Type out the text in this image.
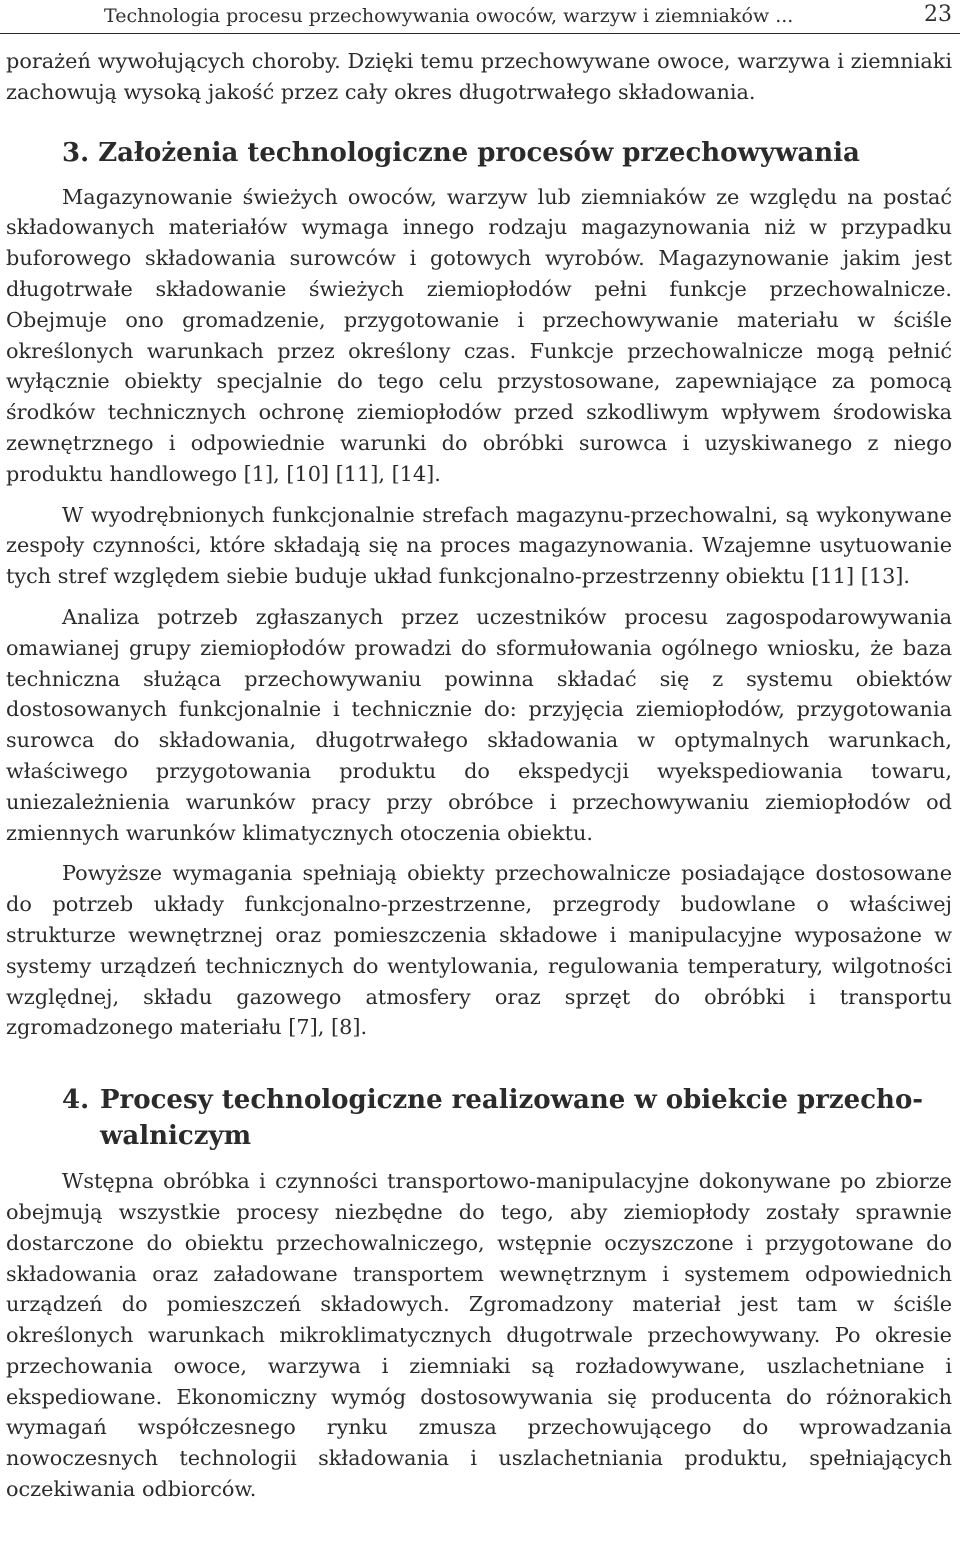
Technologia procesu przechowywania owoców, warzyw i ziemniaków ...	23

porażeń wywołujących choroby. Dzięki temu przechowywane owoce, warzywa i ziemniaki zachowują wysoką jakość przez cały okres długotrwałego składowania.

3. Założenia technologiczne procesów przechowywania

Magazynowanie świeżych owoców, warzyw lub ziemniaków ze względu na postać składowanych materiałów wymaga innego rodzaju magazynowania niż w przypadku buforowego składowania surowców i gotowych wyrobów. Magazynowanie jakim jest długotrwałe składowanie świeżych ziemiopłodów pełni funkcje przechowalnicze. Obejmuje ono gromadzenie, przygotowanie i przechowywanie materiału w ściśle określonych warunkach przez określony czas. Funkcje przechowalnicze mogą pełnić wyłącznie obiekty specjalnie do tego celu przystosowane, zapewniające za pomocą środków technicznych ochronę ziemiopłodów przed szkodliwym wpływem środowiska zewnętrznego i odpowiednie warunki do obróbki surowca i uzyskiwanego z niego produktu handlowego [1], [10] [11], [14].

W wyodrębnionych funkcjonalnie strefach magazynu-przechowalni, są wykonywane zespoły czynności, które składają się na proces magazynowania. Wzajemne usytuowanie tych stref względem siebie buduje układ funkcjonalno-przestrzenny obiektu [11] [13].

Analiza potrzeb zgłaszanych przez uczestników procesu zagospodarowywania omawianej grupy ziemiopłodów prowadzi do sformułowania ogólnego wniosku, że baza techniczna służąca przechowywaniu powinna składać się z systemu obiektów dostosowanych funkcjonalnie i technicznie do: przyjęcia ziemiopłodów, przygotowania surowca do składowania, długotrwałego składowania w optymalnych warunkach, właściwego przygotowania produktu do ekspedycji wyekspediowania towaru, uniezależnienia warunków pracy przy obróbce i przechowywaniu ziemiopłodów od zmiennych warunków klimatycznych otoczenia obiektu.

Powyższe wymagania spełniają obiekty przechowalnicze posiadające dostosowane do potrzeb układy funkcjonalno-przestrzenne, przegrody budowlane o właściwej strukturze wewnętrznej oraz pomieszczenia składowe i manipulacyjne wyposażone w systemy urządzeń technicznych do wentylowania, regulowania temperatury, wilgotności względnej, składu gazowego atmosfery oraz sprzęt do obróbki i transportu zgromadzonego materiału [7], [8].

4. Procesy technologiczne realizowane w obiekcie przechowalniczym

Wstępna obróbka i czynności transportowo-manipulacyjne dokonywane po zbiorze obejmują wszystkie procesy niezbędne do tego, aby ziemiopłody zostały sprawnie dostarczone do obiektu przechowalniczego, wstępnie oczyszczone i przygotowane do składowania oraz załadowane transportem wewnętrznym i systemem odpowiednich urządzeń do pomieszczeń składowych. Zgromadzony materiał jest tam w ściśle określonych warunkach mikroklimatycznych długotrwale przechowywany. Po okresie przechowania owoce, warzywa i ziemniaki są rozładowywane, uszlachetniane i ekspediowane. Ekonomiczny wymóg dostosowywania się producenta do różnorakich wymagań współczesnego rynku zmusza przechowującego do wprowadzania nowoczesnych technologii składowania i uszlachetniania produktu, spełniających oczekiwania odbiorców.
